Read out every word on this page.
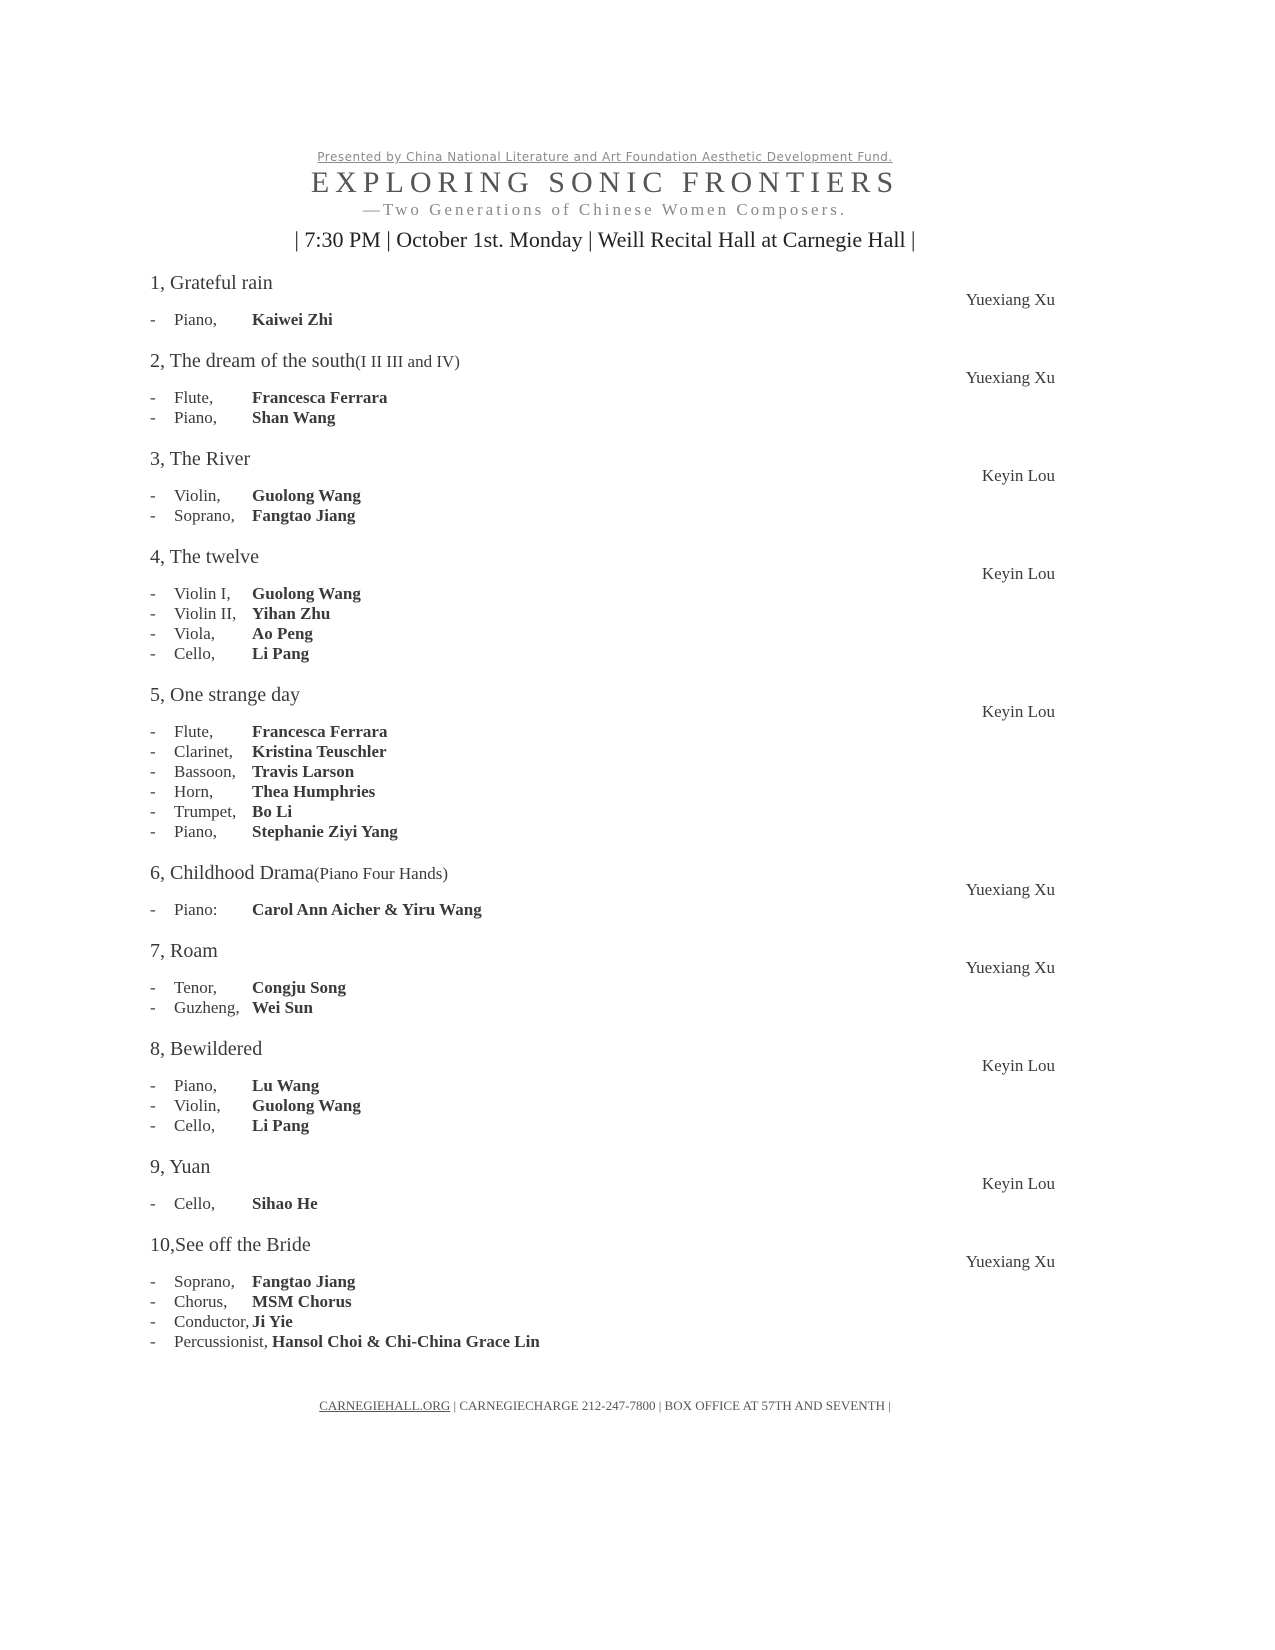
Presented by China National Literature and Art Foundation Aesthetic Development Fund.
EXPLORING SONIC FRONTIERS
—Two Generations of Chinese Women Composers.
| 7:30 PM | October 1st. Monday | Weill Recital Hall at Carnegie Hall |
1, Grateful rain
Yuexiang Xu
-	Piano,	Kaiwei Zhi
2, The dream of the south(I II III and IV)
Yuexiang Xu
-	Flute,	Francesca Ferrara
-	Piano,	Shan Wang
3, The River
Keyin Lou
-	Violin,	Guolong Wang
-	Soprano,	Fangtao Jiang
4, The twelve
Keyin Lou
-	Violin I,	Guolong Wang
-	Violin II, Yihan Zhu
-	Viola,	Ao Peng
-	Cello,	Li Pang
5, One strange day
Keyin Lou
-	Flute,	Francesca Ferrara
-	Clarinet,	Kristina Teuschler
-	Bassoon, Travis Larson
-	Horn,	Thea Humphries
-	Trumpet, Bo Li
-	Piano,	Stephanie Ziyi Yang
6, Childhood Drama(Piano Four Hands)
Yuexiang Xu
-	Piano:	Carol Ann Aicher & Yiru Wang
7, Roam
Yuexiang Xu
-	Tenor,	Congju Song
-	Guzheng, Wei Sun
8, Bewildered
Keyin Lou
-	Piano,	Lu Wang
-	Violin,	Guolong Wang
-	Cello,	Li Pang
9, Yuan
Keyin Lou
-	Cello,	Sihao He
10,See off the Bride
Yuexiang Xu
-	Soprano,	Fangtao Jiang
-	Chorus,	MSM Chorus
-	Conductor, Ji Yie
-	Percussionist, Hansol Choi & Chi-China Grace Lin
CARNEGIEHALL.ORG | CARNEGIECHARGE 212-247-7800 | BOX OFFICE AT 57TH AND SEVENTH |
